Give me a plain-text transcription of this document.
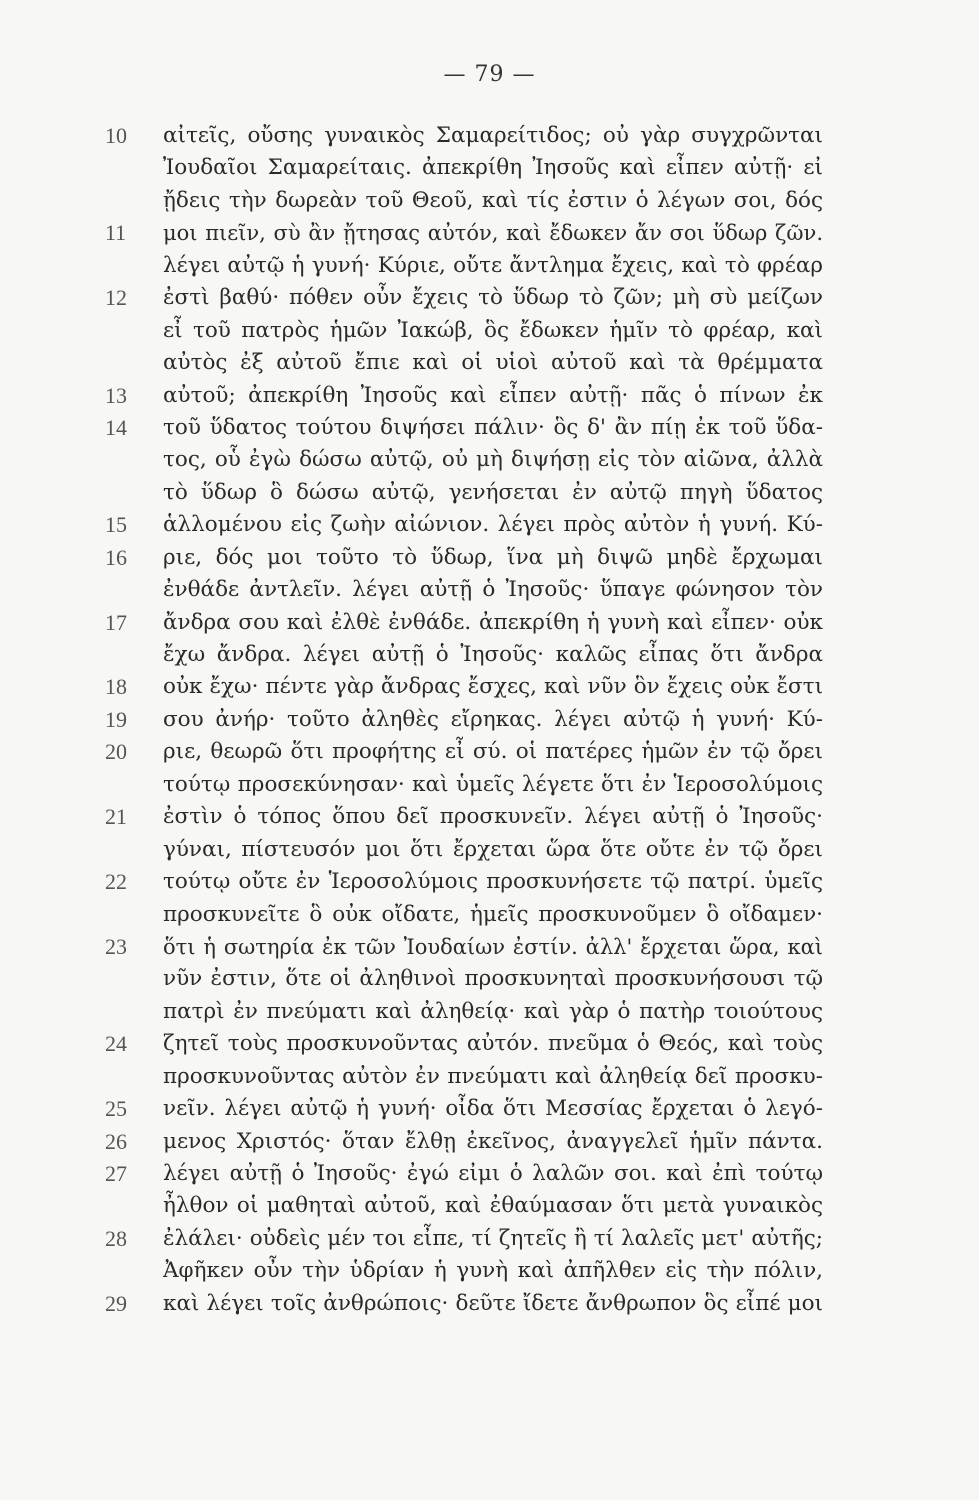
— 79 —
10	αἰτεῖς, οὔσης γυναικὸς Σαμαρείτιδος; οὐ γὰρ συγχρῶνται
Ἰουδαῖοι Σαμαρείταις. ἀπεκρίθη Ἰησοῦς καὶ εἶπεν αὐτῇ· εἰ
ᾔδεις τὴν δωρεὰν τοῦ Θεοῦ, καὶ τίς ἐστιν ὁ λέγων σοι, δός
11	μοι πιεῖν, σὺ ἂν ᾔτησας αὐτόν, καὶ ἔδωκεν ἄν σοι ὕδωρ ζῶν.
λέγει αὐτῷ ἡ γυνή· Κύριε, οὔτε ἄντλημα ἔχεις, καὶ τὸ φρέαρ
12	ἐστὶ βαθύ· πόθεν οὖν ἔχεις τὸ ὕδωρ τὸ ζῶν; μὴ σὺ μείζων
εἶ τοῦ πατρὸς ἡμῶν Ἰακώβ, ὃς ἔδωκεν ἡμῖν τὸ φρέαρ, καὶ
αὐτὸς ἐξ αὐτοῦ ἔπιε καὶ οἱ υἱοὶ αὐτοῦ καὶ τὰ θρέμματα
13	αὐτοῦ; ἀπεκρίθη Ἰησοῦς καὶ εἶπεν αὐτῇ· πᾶς ὁ πίνων ἐκ
14	τοῦ ὕδατος τούτου διψήσει πάλιν· ὃς δ' ἂν πίῃ ἐκ τοῦ ὕδα-
τος, οὗ ἐγὼ δώσω αὐτῷ, οὐ μὴ διψήσῃ εἰς τὸν αἰῶνα, ἀλλὰ
τὸ ὕδωρ ὃ δώσω αὐτῷ, γενήσεται ἐν αὐτῷ πηγὴ ὕδατος
15	ἁλλομένου εἰς ζωὴν αἰώνιον. λέγει πρὸς αὐτὸν ἡ γυνή. Κύ-
16	ριε, δός μοι τοῦτο τὸ ὕδωρ, ἵνα μὴ διψῶ μηδὲ ἔρχωμαι
ἐνθάδε ἀντλεῖν. λέγει αὐτῇ ὁ Ἰησοῦς· ὕπαγε φώνησον τὸν
17	ἄνδρα σου καὶ ἐλθὲ ἐνθάδε. ἀπεκρίθη ἡ γυνὴ καὶ εἶπεν· οὐκ
ἔχω ἄνδρα. λέγει αὐτῇ ὁ Ἰησοῦς· καλῶς εἶπας ὅτι ἄνδρα
18	οὐκ ἔχω· πέντε γὰρ ἄνδρας ἔσχες, καὶ νῦν ὃν ἔχεις οὐκ ἔστι
19	σου ἀνήρ· τοῦτο ἀληθὲς εἴρηκας. λέγει αὐτῷ ἡ γυνή· Κύ-
20	ριε, θεωρῶ ὅτι προφήτης εἶ σύ. οἱ πατέρες ἡμῶν ἐν τῷ ὄρει
τούτῳ προσεκύνησαν· καὶ ὑμεῖς λέγετε ὅτι ἐν Ἱεροσολύμοις
21	ἐστὶν ὁ τόπος ὅπου δεῖ προσκυνεῖν. λέγει αὐτῇ ὁ Ἰησοῦς·
γύναι, πίστευσόν μοι ὅτι ἔρχεται ὥρα ὅτε οὔτε ἐν τῷ ὄρει
22	τούτῳ οὔτε ἐν Ἱεροσολύμοις προσκυνήσετε τῷ πατρί. ὑμεῖς
προσκυνεῖτε ὃ οὐκ οἴδατε, ἡμεῖς προσκυνοῦμεν ὃ οἴδαμεν·
23	ὅτι ἡ σωτηρία ἐκ τῶν Ἰουδαίων ἐστίν. ἀλλ' ἔρχεται ὥρα, καὶ
νῦν ἐστιν, ὅτε οἱ ἀληθινοὶ προσκυνηταὶ προσκυνήσουσι τῷ
πατρὶ ἐν πνεύματι καὶ ἀληθείᾳ· καὶ γὰρ ὁ πατὴρ τοιούτους
24	ζητεῖ τοὺς προσκυνοῦντας αὐτόν. πνεῦμα ὁ Θεός, καὶ τοὺς
προσκυνοῦντας αὐτὸν ἐν πνεύματι καὶ ἀληθείᾳ δεῖ προσκυ-
25	νεῖν. λέγει αὐτῷ ἡ γυνή· οἶδα ὅτι Μεσσίας ἔρχεται ὁ λεγό-
26	μενος Χριστός· ὅταν ἔλθῃ ἐκεῖνος, ἀναγγελεῖ ἡμῖν πάντα.
27	λέγει αὐτῇ ὁ Ἰησοῦς· ἐγώ εἰμι ὁ λαλῶν σοι. καὶ ἐπὶ τούτῳ
ἦλθον οἱ μαθηταὶ αὐτοῦ, καὶ ἐθαύμασαν ὅτι μετὰ γυναικὸς
28	ἐλάλει· οὐδεὶς μέν τοι εἶπε, τί ζητεῖς ἢ τί λαλεῖς μετ' αὐτῆς;
Ἀφῆκεν οὖν τὴν ὑδρίαν ἡ γυνὴ καὶ ἀπῆλθεν εἰς τὴν πόλιν,
29	καὶ λέγει τοῖς ἀνθρώποις· δεῦτε ἴδετε ἄνθρωπον ὃς εἶπέ μοι
